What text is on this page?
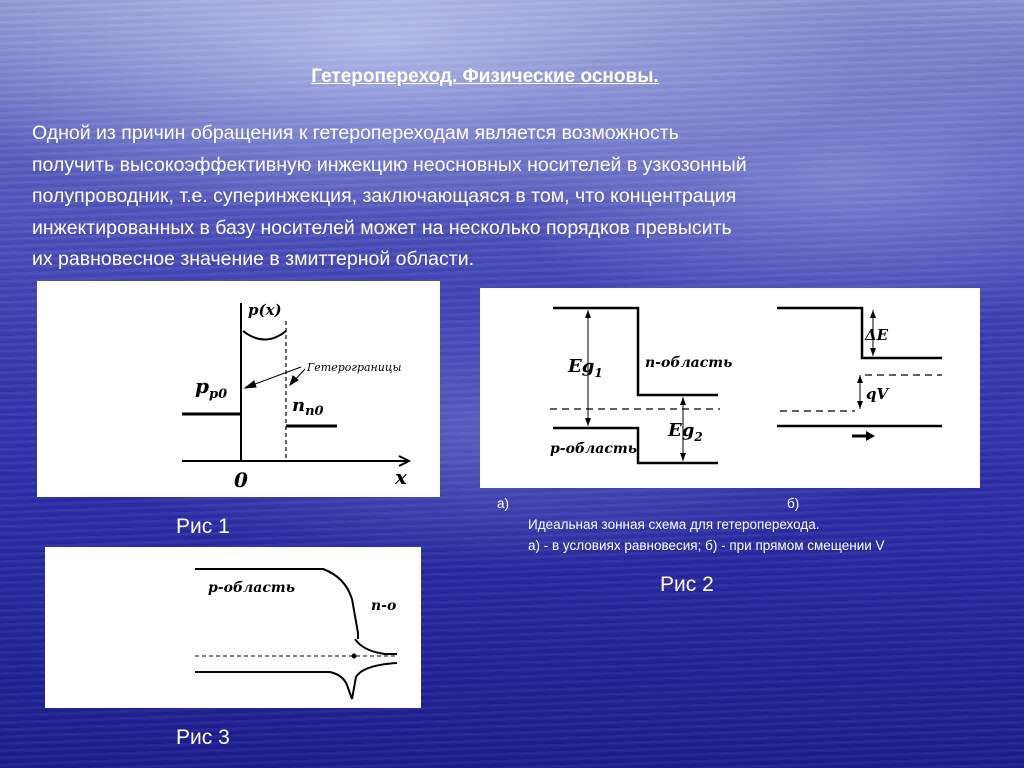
Гетеропереход. Физические основы.
Одной из причин обращения к гетеропереходам является возможность
получить высокоэффективную инжекцию неосновных носителей в узкозонный
полупроводник, т.е. суперинжекция, заключающаяся в том, что концентрация
инжектированных в базу носителей может на несколько порядков превысить
их равновесное значение в змиттерной области.
p(x)
Гетерограницы
$p_{p0}$
$n_{n0}$
0	x
$Eg_1$
$Eg_2$
n-область
p-область
ΔE
qV
а)	б)
Идеальная зонная схема для гетероперехода.
а) - в условиях равновесия; б) - при прямом смещении V
Рис 1
Рис 2
Рис 3
p-область
n-o
